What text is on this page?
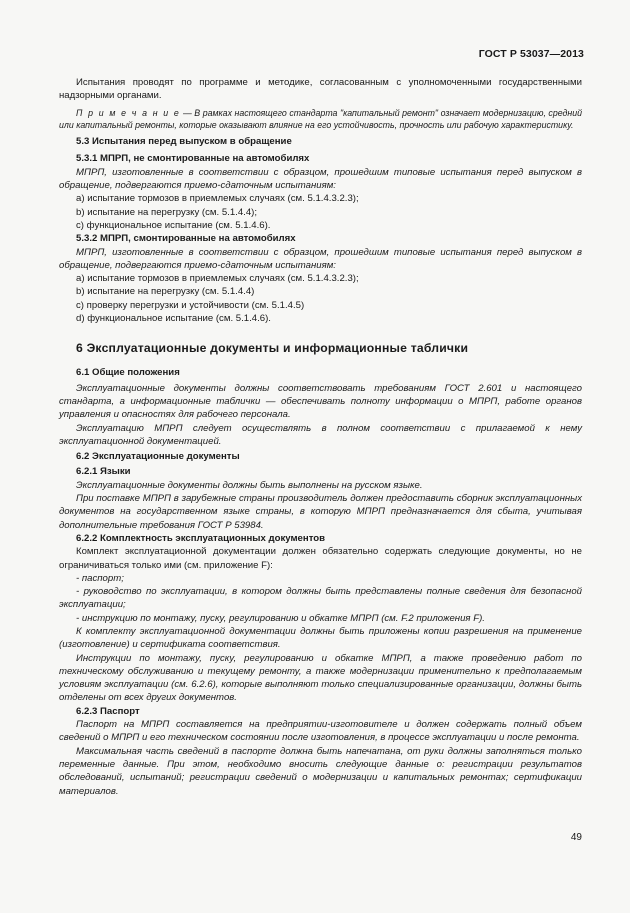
ГОСТ Р 53037—2013

Испытания проводят по программе и методике, согласованным с уполномоченными государственными надзорными органами.

П р и м е ч а н и е — В рамках настоящего стандарта "капитальный ремонт" означает модернизацию, средний или капитальный ремонты, которые оказывают влияние на его устойчивость, прочность или рабочую характеристику.

5.3 Испытания перед выпуском в обращение

5.3.1 МПРП, не смонтированные на автомобилях

МПРП, изготовленные в соответствии с образцом, прошедшим типовые испытания перед выпуском в обращение, подвергаются приемо-сдаточным испытаниям:

a) испытание тормозов в приемлемых случаях (см. 5.1.4.3.2.3);

b) испытание на перегрузку (см. 5.1.4.4);

c) функциональное испытание (см. 5.1.4.6).

5.3.2 МПРП, смонтированные на автомобилях

МПРП, изготовленные в соответствии с образцом, прошедшим типовые испытания перед выпуском в обращение, подвергаются приемо-сдаточным испытаниям:

a) испытание тормозов в приемлемых случаях (см. 5.1.4.3.2.3);

b) испытание на перегрузку (см. 5.1.4.4)

c) проверку перегрузки и устойчивости (см. 5.1.4.5)

d) функциональное испытание (см. 5.1.4.6).

6 Эксплуатационные документы и информационные таблички

6.1 Общие положения

Эксплуатационные документы должны соответствовать требованиям ГОСТ 2.601 и настоящего стандарта, а информационные таблички — обеспечивать полноту информации о МПРП, работе органов управления и опасностях для рабочего персонала.

Эксплуатацию МПРП следует осуществлять в полном соответствии с прилагаемой к нему эксплуатационной документацией.

6.2 Эксплуатационные документы

6.2.1 Языки

Эксплуатационные документы должны быть выполнены на русском языке.

При поставке МПРП в зарубежные страны производитель должен предоставить сборник эксплуатационных документов на государственном языке страны, в которую МПРП предназначается для сбыта, учитывая дополнительные требования ГОСТ Р 53984.

6.2.2 Комплектность эксплуатационных документов

Комплект эксплуатационной документации должен обязательно содержать следующие документы, но не ограничиваться только ими (см. приложение F):

- паспорт;

- руководство по эксплуатации, в котором должны быть представлены полные сведения для безопасной эксплуатации;

- инструкцию по монтажу, пуску, регулированию и обкатке МПРП (см. F.2 приложения F).

К комплекту эксплуатационной документации должны быть приложены копии разрешения на применение (изготовление) и сертификата соответствия.

Инструкции по монтажу, пуску, регулированию и обкатке МПРП, а также проведению работ по техническому обслуживанию и текущему ремонту, а также модернизации применительно к предполагаемым условиям эксплуатации (см. 6.2.6), которые выполняют только специализированные организации, должны быть отделены от всех других документов.

6.2.3 Паспорт

Паспорт на МПРП составляется на предприятии-изготовителе и должен содержать полный объем сведений о МПРП и его техническом состоянии после изготовления, в процессе эксплуатации и после ремонта.

Максимальная часть сведений в паспорте должна быть напечатана, от руки должны заполняться только переменные данные. При этом, необходимо вносить следующие данные о: регистрации результатов обследований, испытаний; регистрации сведений о модернизации и капитальных ремонтах; сертификации материалов.

49
